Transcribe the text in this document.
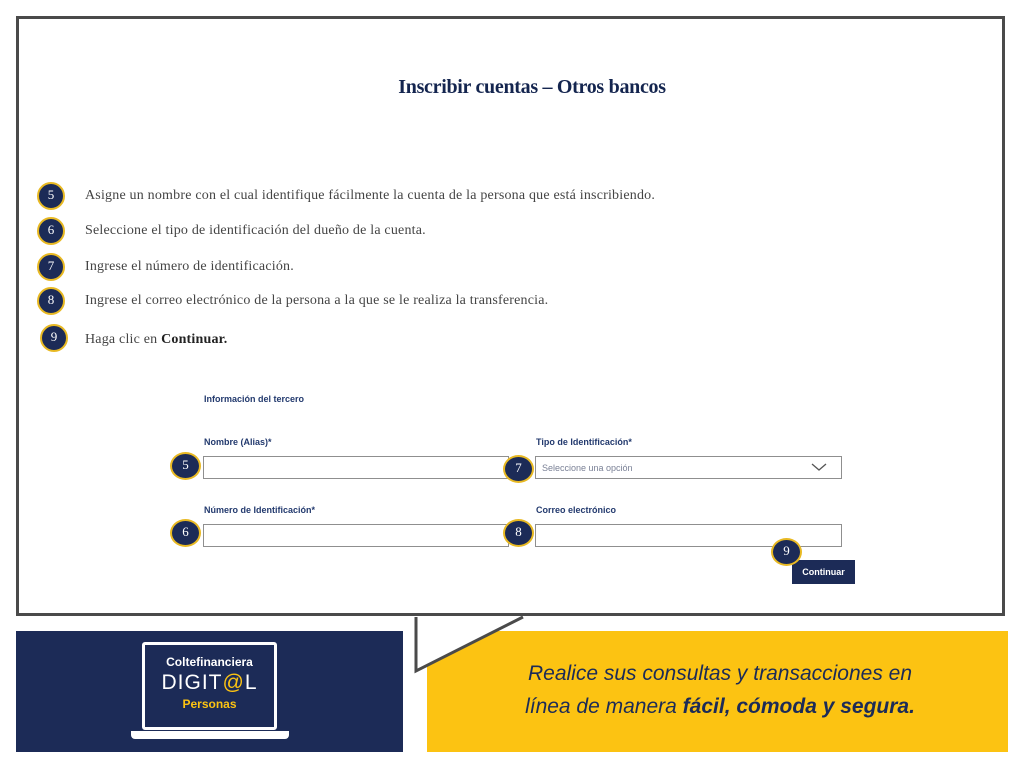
Inscribir cuentas – Otros bancos
5	Asigne un nombre con el cual identifique fácilmente la cuenta de la persona que está inscribiendo.
6	Seleccione el tipo de identificación del dueño de la cuenta.
7	Ingrese el número de identificación.
8	Ingrese el correo electrónico de la persona a la que se le realiza la transferencia.
9	Haga clic en Continuar.
Información del tercero
Nombre (Alias)*	Tipo de Identificación*
Seleccione una opción
Número de Identificación*	Correo electrónico
Continuar
5	7
6	8
9
Coltefinanciera
DIGIT@L
Personas
Realice sus consultas y transacciones en
línea de manera fácil, cómoda y segura.
